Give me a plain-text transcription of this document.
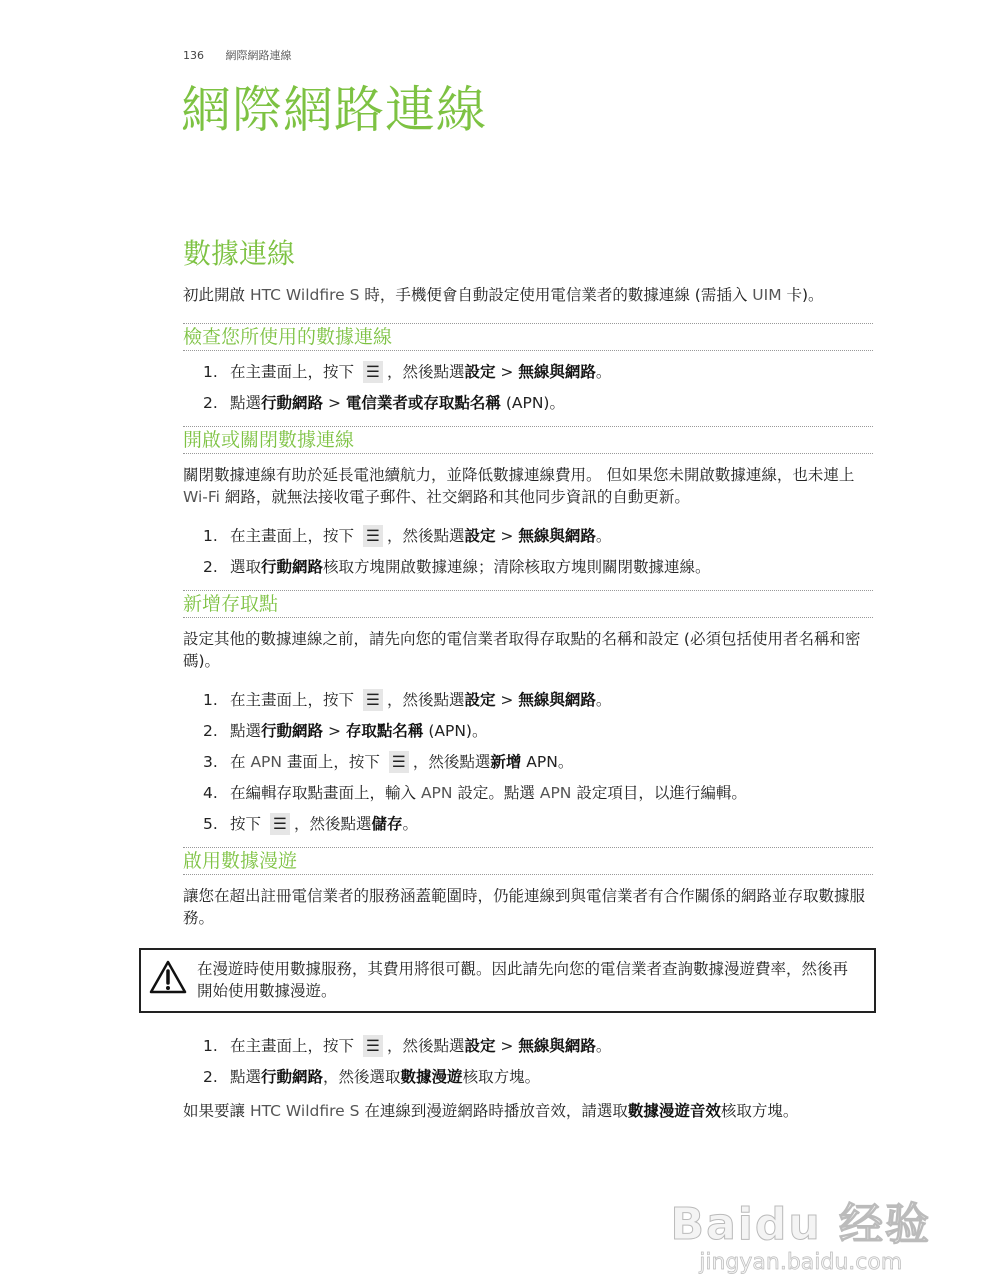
136 網際網路連線
網際網路連線
數據連線

初此開啟 HTC Wildfire S 時，手機便會自動設定使用電信業者的數據連線 (需插入 UIM 卡)。

檢查您所使用的數據連線
1. 在主畫面上，按下 ☰ ，然後點選設定 > 無線與網路。
2. 點選行動網路 > 電信業者或存取點名稱 (APN)。
開啟或關閉數據連線

關閉數據連線有助於延長電池續航力，並降低數據連線費用。 但如果您未開啟數據連線，也未連上 Wi-Fi 網路，就無法接收電子郵件、社交網路和其他同步資訊的自動更新。

1. 在主畫面上，按下 ☰ ，然後點選設定 > 無線與網路。
2. 選取行動網路核取方塊開啟數據連線；清除核取方塊則關閉數據連線。
新增存取點

設定其他的數據連線之前，請先向您的電信業者取得存取點的名稱和設定 (必須包括使用者名稱和密碼)。

1. 在主畫面上，按下 ☰ ，然後點選設定 > 無線與網路。
2. 點選行動網路 > 存取點名稱 (APN)。
3. 在 APN 畫面上，按下 ☰ ，然後點選新增 APN。
4. 在編輯存取點畫面上，輸入 APN 設定。點選 APN 設定項目，以進行編輯。
5. 按下 ☰ ，然後點選儲存。
啟用數據漫遊

讓您在超出註冊電信業者的服務涵蓋範圍時，仍能連線到與電信業者有合作關係的網路並存取數據服務。

在漫遊時使用數據服務，其費用將很可觀。因此請先向您的電信業者查詢數據漫遊費率，然後再開始使用數據漫遊。
1. 在主畫面上，按下 ☰ ，然後點選設定 > 無線與網路。
2. 點選行動網路，然後選取數據漫遊核取方塊。

如果要讓 HTC Wildfire S 在連線到漫遊網路時播放音效，請選取數據漫遊音效核取方塊。

Baidu 经验
jingyan.baidu.com
